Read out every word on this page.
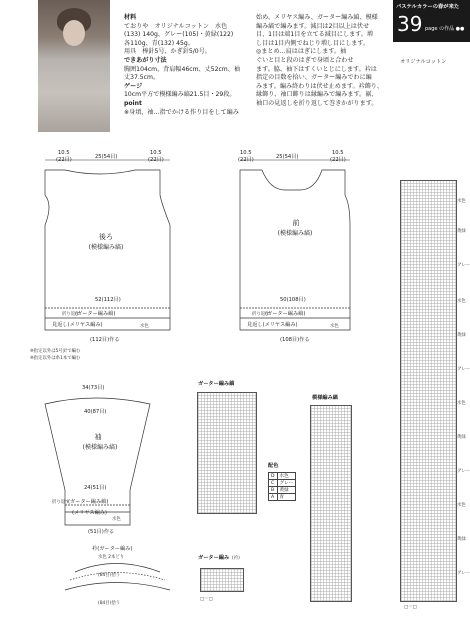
パステルカラーの春が来た
39 page の作品 ●●
オリジナルコットン
材料
ておりや　オリジナルコットン　水色
(133) 140g、グレー(105)・黄緑(122)
各110g、青(132) 45g。
用具　棒針5号、かぎ針5/0号。
できあがり寸法
胸囲104cm、背肩幅46cm、丈52cm、袖
丈37.5cm。
ゲージ
10cm平方で模様編み縞21.5目・29段。
point
※身頃、袖…指でかける作り目をして編み
始め、メリヤス編み、ガーター編み縞、模様
編み縞で編みます。減目は2目以上は伏せ
目、1目は端1目を立てる減目にします。増
し目は1目内側でねじり増し目にします。
◎まとめ…肩ははぎにします。袖
ぐいと目と段のはぎで身頃と合わせ
ます。脇、袖下はすくいとじにします。衿は
指定の目数を拾い、ガーター編みでわに編
みます。編み終わりは伏せ止めます。衿飾り、
縁飾り、袖口飾りは縁編みで編みます。裾、
袖口の見返しを折り返して巻きかがります。
10.5
(22目)	25(54目)
10.5
(22目)
後ろ
(模様編み縞)
52(112目)
(ガーター編み縞)
見返し(メリヤス編み)	水色
折り返す
(112目)作る
※指定以外は5号針で編む
※指定以外は糸1本で編む
10.5
(22目)	25(54目)
10.5
(22目)
前
(模様編み縞)
50(108目)
(ガーター編み縞)
見返し(メリヤス編み)	水色
折り返す
(108目)作る
34(73目)
40(87目)
袖
(模様編み縞)
24(51目)
(ガーター編み縞)
(メリヤス編み)
水色
折り返す
(51目)作る
衿(ガーター編み)
水色 2本どり
(84目)拾う
(84目)拾う
ガーター編み縞
配色
D	水色
C	グレー
B	黄緑
A	青
模様編み縞
ガーター編み (衿)
□＝□
水色
黄緑
グレー
水色
黄緑
グレー
水色
黄緑
グレー
水色
黄緑
グレー
□＝□
